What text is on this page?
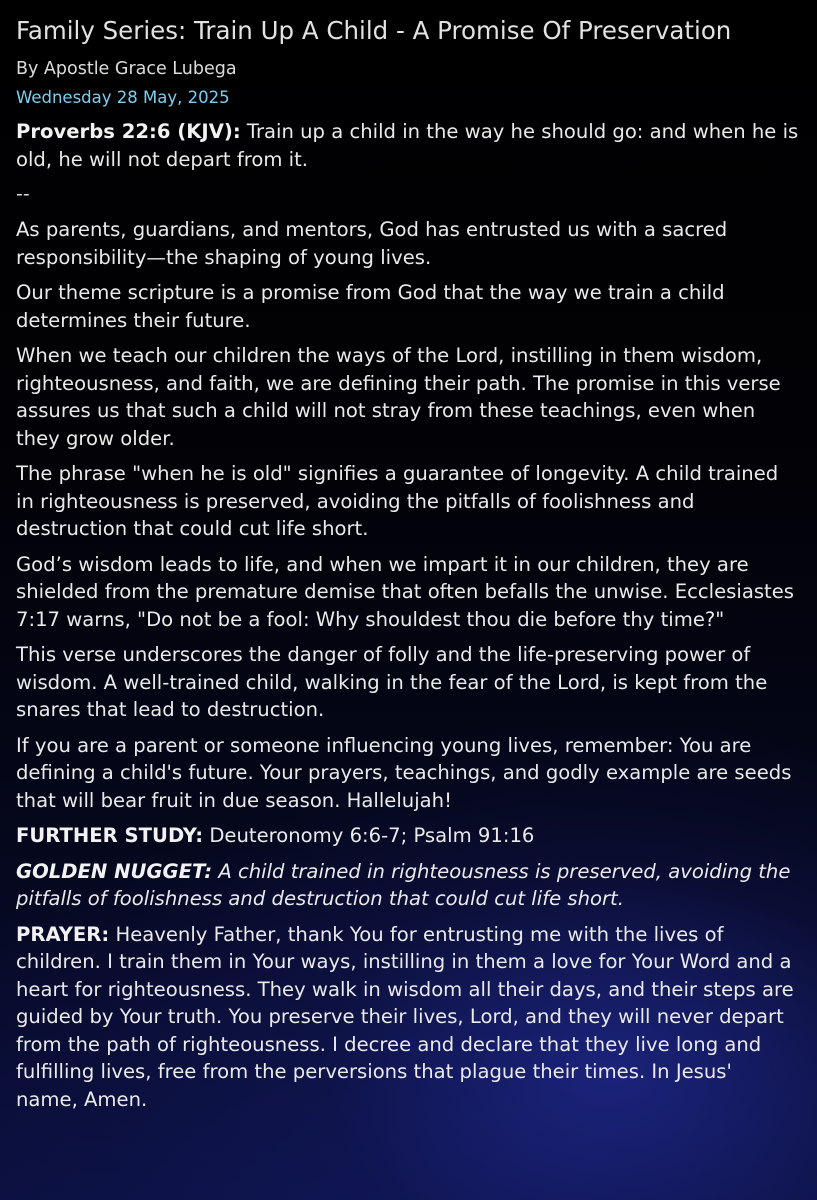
Family Series: Train Up A Child - A Promise Of Preservation
By Apostle Grace Lubega
Wednesday 28 May, 2025

Proverbs 22:6 (KJV): Train up a child in the way he should go: and when he is old, he will not depart from it.

--

As parents, guardians, and mentors, God has entrusted us with a sacred responsibility—the shaping of young lives.

Our theme scripture is a promise from God that the way we train a child determines their future.

When we teach our children the ways of the Lord, instilling in them wisdom, righteousness, and faith, we are defining their path. The promise in this verse assures us that such a child will not stray from these teachings, even when they grow older.

The phrase "when he is old" signifies a guarantee of longevity. A child trained in righteousness is preserved, avoiding the pitfalls of foolishness and destruction that could cut life short.

God’s wisdom leads to life, and when we impart it in our children, they are shielded from the premature demise that often befalls the unwise. Ecclesiastes 7:17 warns, "Do not be a fool: Why shouldest thou die before thy time?"

This verse underscores the danger of folly and the life-preserving power of wisdom. A well-trained child, walking in the fear of the Lord, is kept from the snares that lead to destruction.

If you are a parent or someone influencing young lives, remember: You are defining a child's future. Your prayers, teachings, and godly example are seeds that will bear fruit in due season. Hallelujah!

FURTHER STUDY: Deuteronomy 6:6-7; Psalm 91:16

GOLDEN NUGGET: A child trained in righteousness is preserved, avoiding the pitfalls of foolishness and destruction that could cut life short.

PRAYER: Heavenly Father, thank You for entrusting me with the lives of children. I train them in Your ways, instilling in them a love for Your Word and a heart for righteousness. They walk in wisdom all their days, and their steps are guided by Your truth. You preserve their lives, Lord, and they will never depart from the path of righteousness. I decree and declare that they live long and fulfilling lives, free from the perversions that plague their times. In Jesus' name, Amen.
